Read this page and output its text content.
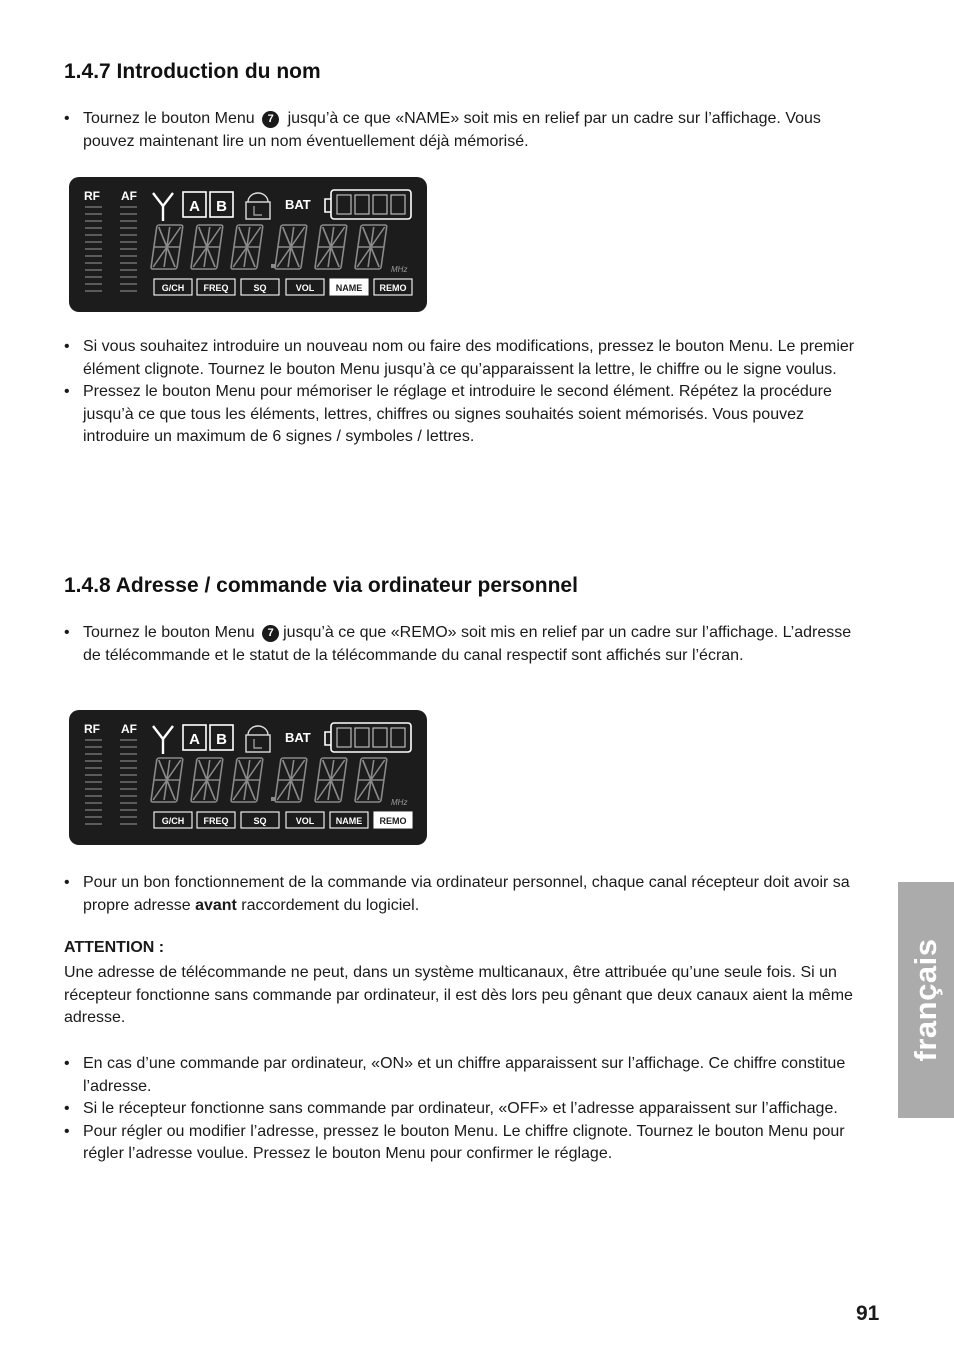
1.4.7 Introduction du nom
• Tournez le bouton Menu 7 jusqu’à ce que «NAME» soit mis en relief par un cadre sur l’affichage. Vous pouvez maintenant lire un nom éventuellement déjà mémorisé.
RF AF
A B	BAT
MHz
G/CH FREQ	SQ	VOL NAME REMO
• Si vous souhaitez introduire un nouveau nom ou faire des modifications, pressez le bouton Menu. Le premier élément clignote. Tournez le bouton Menu jusqu’à ce qu’apparaissent la lettre, le chiffre ou le signe voulus.
• Pressez le bouton Menu pour mémoriser le réglage et introduire le second élément. Répétez la procédure jusqu’à ce que tous les éléments, lettres, chiffres ou signes souhaités soient mémorisés. Vous pouvez introduire un maximum de 6 signes / symboles / lettres.
1.4.8 Adresse / commande via ordinateur personnel
• Tournez le bouton Menu 7 jusqu’à ce que «REMO» soit mis en relief par un cadre sur l’affichage. L’adresse de télécommande et le statut de la télécommande du canal respectif sont affichés sur l’écran.
RF AF
A B	BAT
MHz
G/CH FREQ	SQ	VOL NAME REMO
• Pour un bon fonctionnement de la commande via ordinateur personnel, chaque canal récepteur doit avoir sa propre adresse avant raccordement du logiciel.

ATTENTION :

Une adresse de télécommande ne peut, dans un système multicanaux, être attribuée qu’une seule fois. Si un récepteur fonctionne sans commande par ordinateur, il est dès lors peu gênant que deux canaux aient la même adresse.

• En cas d’une commande par ordinateur, «ON» et un chiffre apparaissent sur l’affichage. Ce chiffre constitue l’adresse.
• Si le récepteur fonctionne sans commande par ordinateur, «OFF» et l’adresse apparaissent sur l’affichage.
• Pour régler ou modifier l’adresse, pressez le bouton Menu. Le chiffre clignote. Tournez le bouton Menu pour régler l’adresse voulue. Pressez le bouton Menu pour confirmer le réglage.
français

91
